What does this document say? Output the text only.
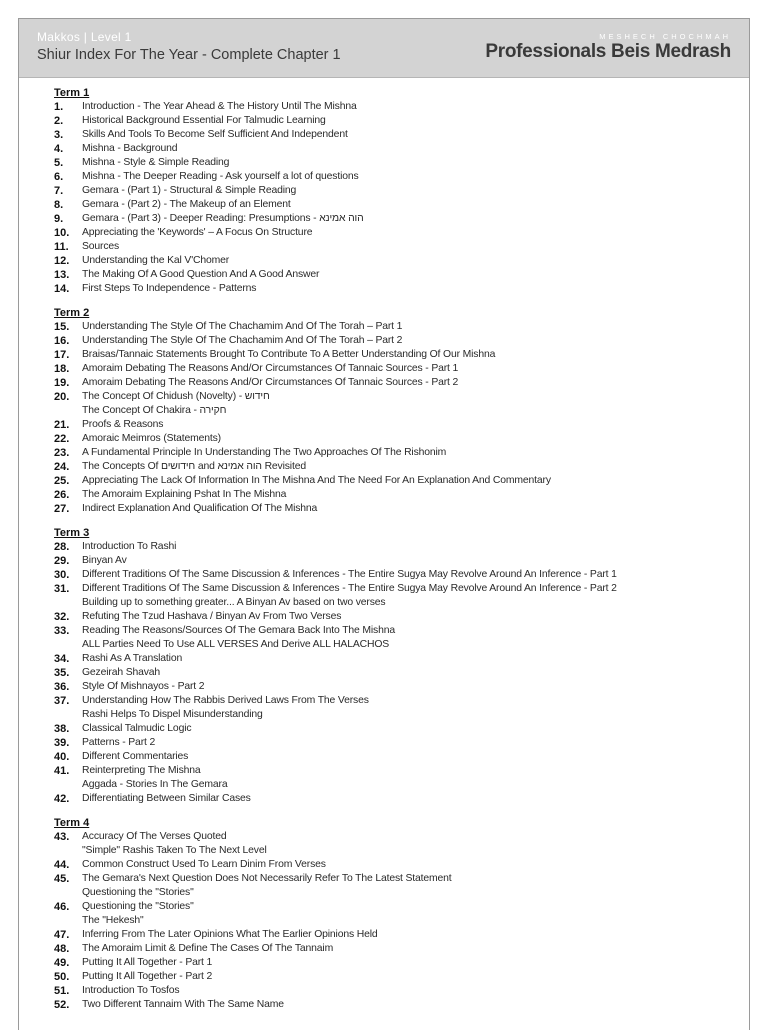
Makkos | Level 1
Shiur Index For The Year - Complete Chapter 1
MESHECH CHOCHMAH
Professionals Beis Medrash
Term 1
1.	Introduction - The Year Ahead & The History Until The Mishna
2.	Historical Background Essential For Talmudic Learning
3.	Skills And Tools To Become Self Sufficient And Independent
4.	Mishna - Background
5.	Mishna - Style & Simple Reading
6.	Mishna - The Deeper Reading - Ask yourself a lot of questions
7.	Gemara - (Part 1) - Structural & Simple Reading
8.	Gemara - (Part 2) - The Makeup of an Element
9.	Gemara - (Part 3) - Deeper Reading: Presumptions - הוה אמינא
10.	Appreciating the 'Keywords' – A Focus On Structure
11.	Sources
12.	Understanding the Kal V'Chomer
13.	The Making Of A Good Question And A Good Answer
14.	First Steps To Independence - Patterns
Term 2
15.	Understanding The Style Of The Chachamim And Of The Torah – Part 1
16.	Understanding The Style Of The Chachamim And Of The Torah – Part 2
17.	Braisas/Tannaic Statements Brought To Contribute To A Better Understanding Of Our Mishna
18.	Amoraim Debating The Reasons And/Or Circumstances Of Tannaic Sources - Part 1
19.	Amoraim Debating The Reasons And/Or Circumstances Of Tannaic Sources - Part 2
20.	The Concept Of Chidush (Novelty) - חידוש
The Concept Of Chakira - חקירה
21.	Proofs & Reasons
22.	Amoraic Meimros (Statements)
23.	A Fundamental Principle In Understanding The Two Approaches Of The Rishonim
24.	The Concepts Of חידושים and הוה אמינא Revisited
25.	Appreciating The Lack Of Information In The Mishna And The Need For An Explanation And Commentary
26.	The Amoraim Explaining Pshat In The Mishna
27.	Indirect Explanation And Qualification Of The Mishna
Term 3
28.	Introduction To Rashi
29.	Binyan Av
30.	Different Traditions Of The Same Discussion & Inferences - The Entire Sugya May Revolve Around An Inference - Part 1
31.	Different Traditions Of The Same Discussion & Inferences - The Entire Sugya May Revolve Around An Inference - Part 2
Building up to something greater... A Binyan Av based on two verses
32.	Refuting The Tzud Hashava / Binyan Av From Two Verses
33.	Reading The Reasons/Sources Of The Gemara Back Into The Mishna
ALL Parties Need To Use ALL VERSES And Derive ALL HALACHOS
34.	Rashi As A Translation
35.	Gezeirah Shavah
36.	Style Of Mishnayos - Part 2
37.	Understanding How The Rabbis Derived Laws From The Verses
Rashi Helps To Dispel Misunderstanding
38.	Classical Talmudic Logic
39.	Patterns - Part 2
40.	Different Commentaries
41.	Reinterpreting The Mishna
Aggada - Stories In The Gemara
42.	Differentiating Between Similar Cases
Term 4
43.	Accuracy Of The Verses Quoted
"Simple" Rashis Taken To The Next Level
44.	Common Construct Used To Learn Dinim From Verses
45.	The Gemara's Next Question Does Not Necessarily Refer To The Latest Statement
Questioning the "Stories"
46.	Questioning the "Stories"
The "Hekesh"
47.	Inferring From The Later Opinions What The Earlier Opinions Held
48.	The Amoraim Limit & Define The Cases Of The Tannaim
49.	Putting It All Together - Part 1
50.	Putting It All Together - Part 2
51.	Introduction To Tosfos
52.	Two Different Tannaim With The Same Name
